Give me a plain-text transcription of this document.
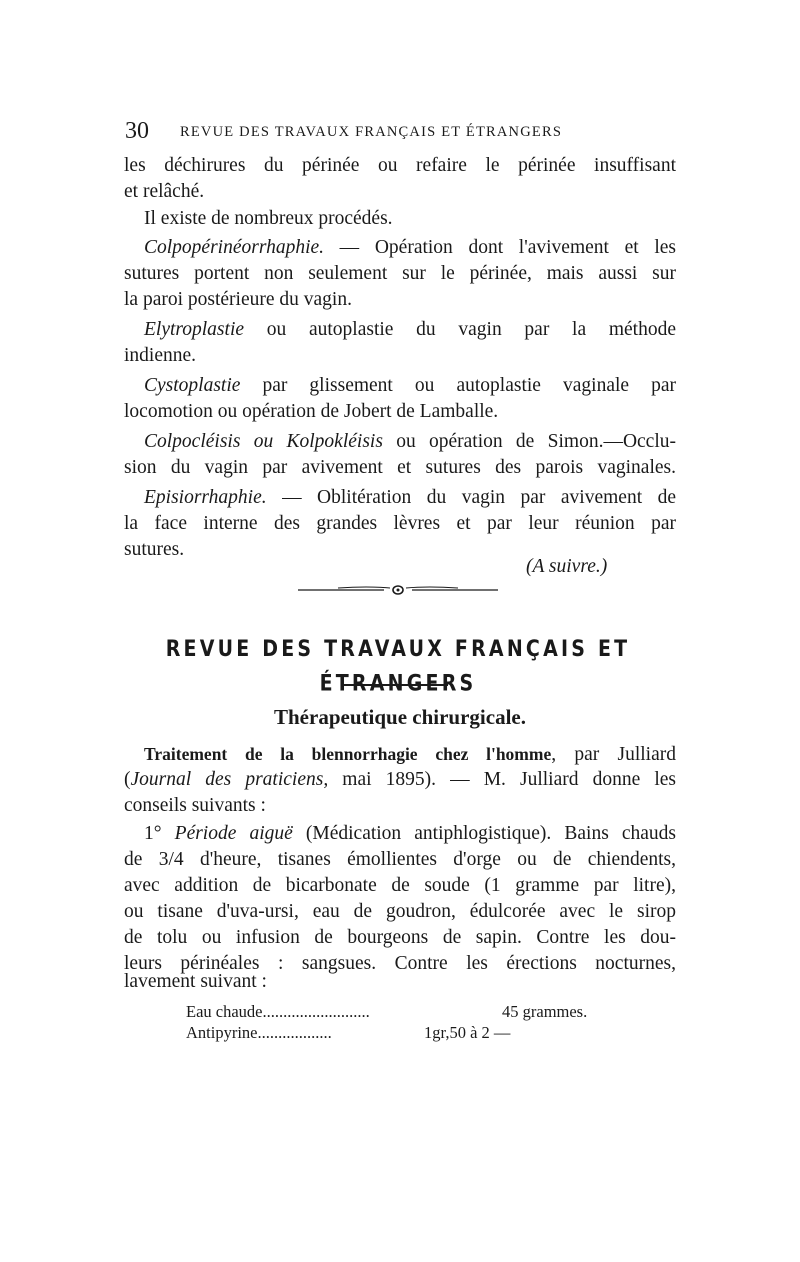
30 REVUE DES TRAVAUX FRANÇAIS ET ÉTRANGERS
les déchirures du périnée ou refaire le périnée insuffisant
et relâché.
Il existe de nombreux procédés.
Colpopérinéorrhaphie. — Opération dont l'avivement et les
sutures portent non seulement sur le périnée, mais aussi sur
la paroi postérieure du vagin.
Elytroplastie ou autoplastie du vagin par la méthode
indienne.
Cystoplastie par glissement ou autoplastie vaginale par
locomotion ou opération de Jobert de Lamballe.
Colpocléisis ou Kolpokléisis ou opération de Simon.—Occlu-
sion du vagin par avivement et sutures des parois vaginales.
Episiorrhaphie. — Oblitération du vagin par avivement de
la face interne des grandes lèvres et par leur réunion par
sutures.
(A suivre.)
REVUE DES TRAVAUX FRANÇAIS ET ÉTRANGERS
Thérapeutique chirurgicale.
Traitement de la blennorrhagie chez l'homme, par Julliard
(Journal des praticiens, mai 1895). — M. Julliard donne les
conseils suivants :
1° Période aiguë (Médication antiphlogistique). Bains chauds
de 3/4 d'heure, tisanes émollientes d'orge ou de chiendents,
avec addition de bicarbonate de soude (1 gramme par litre),
ou tisane d'uva-ursi, eau de goudron, édulcorée avec le sirop
de tolu ou infusion de bourgeons de sapin. Contre les dou-
leurs périnéales : sangsues. Contre les érections nocturnes,
lavement suivant :
Eau chaude..........................	45 grammes.
Antipyrine..................	1gr,50 à 2 —
